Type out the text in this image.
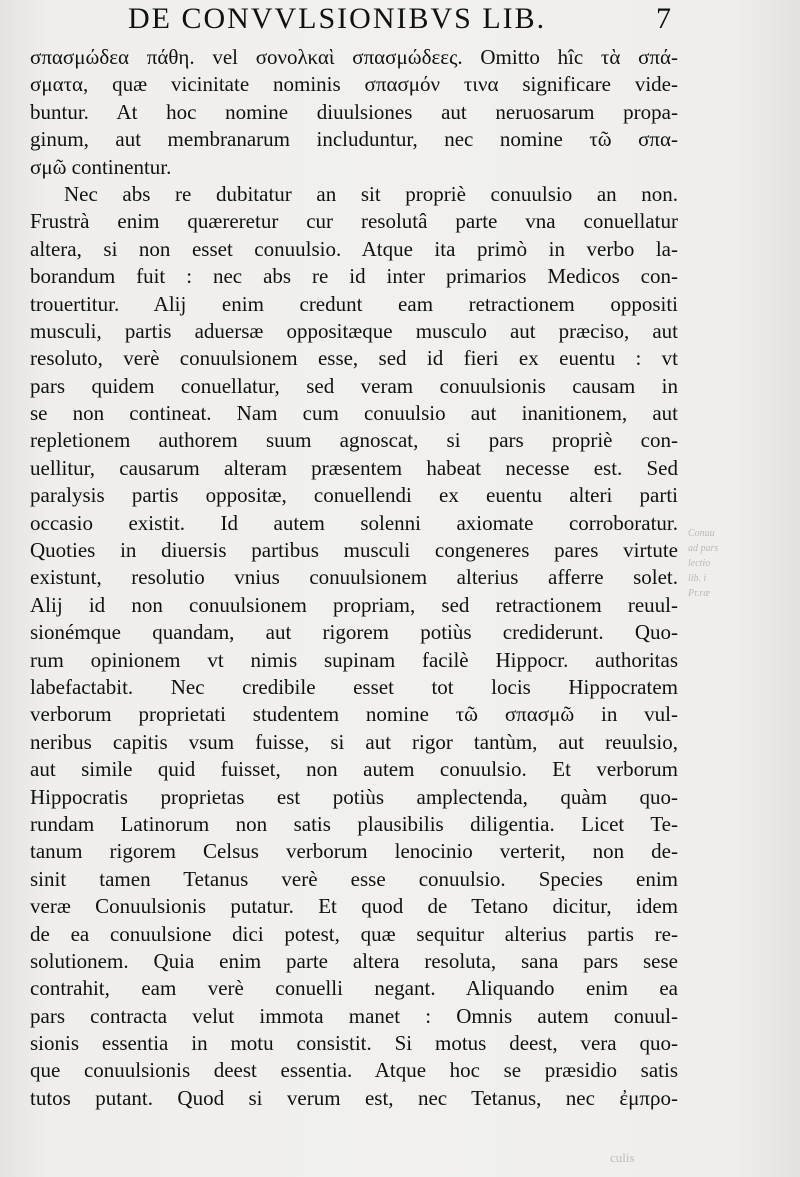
DE CONVVLSIONIBVS LIB.	7
σπασμώδεα πάθη. vel σονολκαὶ σπασμώδεες. Omitto hîc τὰ σπά-
σματα, quæ vicinitate nominis σπασμόν τινα significare vide-
buntur. At hoc nomine diuulsiones aut neruosarum propa-
ginum, aut membranarum includuntur, nec nomine τῶ σπα-
σμῶ continentur.
Nec abs re dubitatur an sit propriè conuulsio an non.
Frustrà enim quæreretur cur resolutâ parte vna conuellatur
altera, si non esset conuulsio. Atque ita primò in verbo la-
borandum fuit : nec abs re id inter primarios Medicos con-
trouertitur. Alij enim credunt eam retractionem oppositi
musculi, partis aduersæ oppositæque musculo aut præciso, aut
resoluto, verè conuulsionem esse, sed id fieri ex euentu : vt
pars quidem conuellatur, sed veram conuulsionis causam in
se non contineat. Nam cum conuulsio aut inanitionem, aut
repletionem authorem suum agnoscat, si pars propriè con-
uellitur, causarum alteram præsentem habeat necesse est. Sed
paralysis partis oppositæ, conuellendi ex euentu alteri parti
occasio existit. Id autem solenni axiomate corroboratur.
Quoties in diuersis partibus musculi congeneres pares virtute
existunt, resolutio vnius conuulsionem alterius afferre solet.
Alij id non conuulsionem propriam, sed retractionem reuul-
sionémque quandam, aut rigorem potiùs crediderunt. Quo-
rum opinionem vt nimis supinam facilè Hippocr. authoritas
labefactabit. Nec credibile esset tot locis Hippocratem
verborum proprietati studentem nomine τῶ σπασμῶ in vul-
neribus capitis vsum fuisse, si aut rigor tantùm, aut reuulsio,
aut simile quid fuisset, non autem conuulsio. Et verborum
Hippocratis proprietas est potiùs amplectenda, quàm quo-
rundam Latinorum non satis plausibilis diligentia. Licet Te-
tanum rigorem Celsus verborum lenocinio verterit, non de-
sinit tamen Tetanus verè esse conuulsio. Species enim
veræ Conuulsionis putatur. Et quod de Tetano dicitur, idem
de ea conuulsione dici potest, quæ sequitur alterius partis re-
solutionem. Quia enim parte altera resoluta, sana pars sese
contrahit, eam verè conuelli negant. Aliquando enim ea
pars contracta velut immota manet : Omnis autem conuul-
sionis essentia in motu consistit. Si motus deest, vera quo-
que conuulsionis deest essentia. Atque hoc se præsidio satis
tutos putant. Quod si verum est, nec Tetanus, nec ἐμπρο-
Conuu
ad pars
lectio
lib. i
Pr.ræ
culis
